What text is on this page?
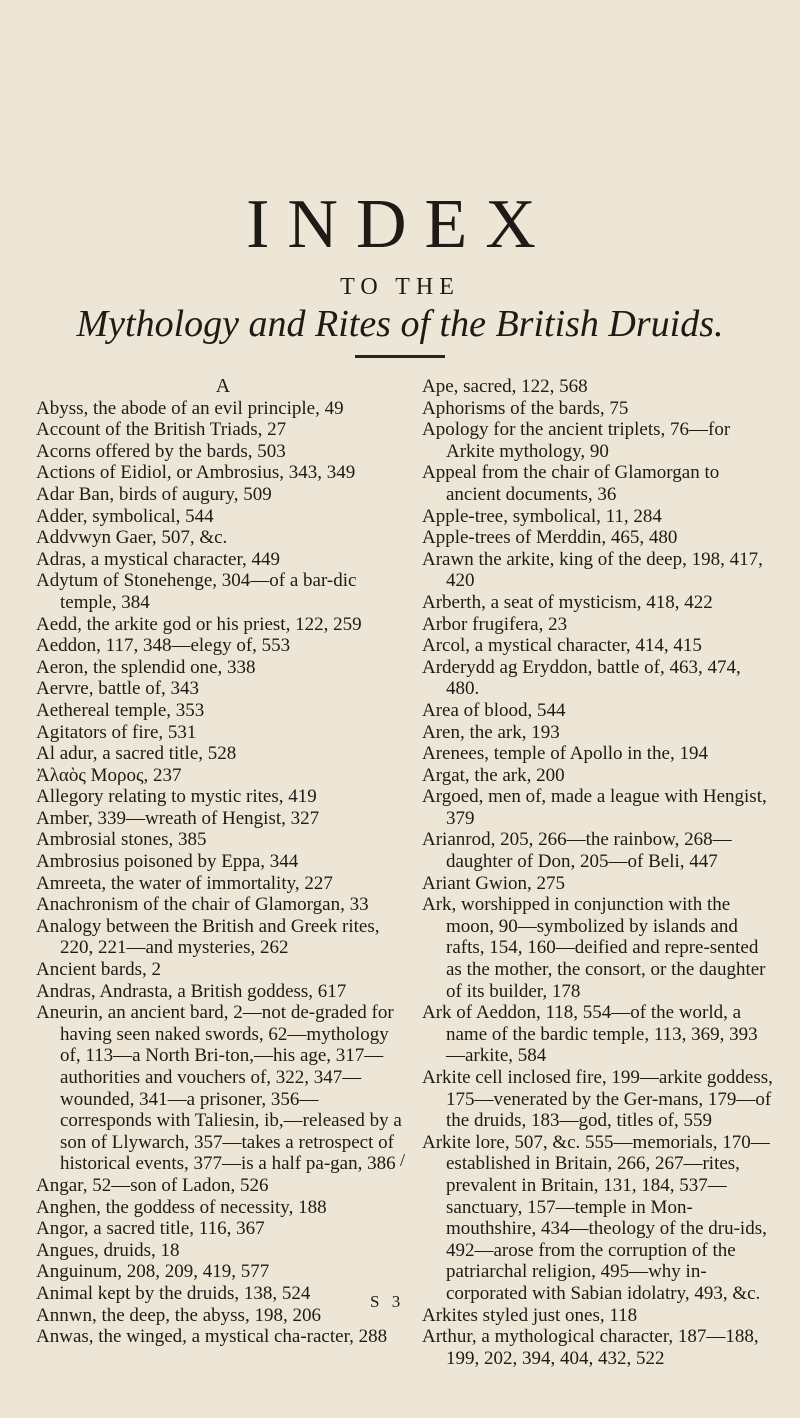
INDEX
TO THE
Mythology and Rites of the British Druids.
A

Abyss, the abode of an evil principle, 49

Account of the British Triads, 27

Acorns offered by the bards, 503

Actions of Eidiol, or Ambrosius, 343, 349

Adar Ban, birds of augury, 509

Adder, symbolical, 544

Addvwyn Gaer, 507, &c.

Adras, a mystical character, 449

Adytum of Stonehenge, 304—of a bar-dic temple, 384

Aedd, the arkite god or his priest, 122, 259

Aeddon, 117, 348—elegy of, 553

Aeron, the splendid one, 338

Aervre, battle of, 343

Aethereal temple, 353

Agitators of fire, 531

Al adur, a sacred title, 528

Ἀλαὸς Μορος, 237

Allegory relating to mystic rites, 419

Amber, 339—wreath of Hengist, 327

Ambrosial stones, 385

Ambrosius poisoned by Eppa, 344

Amreeta, the water of immortality, 227

Anachronism of the chair of Glamorgan, 33

Analogy between the British and Greek rites, 220, 221—and mysteries, 262

Ancient bards, 2

Andras, Andrasta, a British goddess, 617

Aneurin, an ancient bard, 2—not de-graded for having seen naked swords, 62—mythology of, 113—a North Bri-ton,—his age, 317—authorities and vouchers of, 322, 347—wounded, 341—a prisoner, 356—corresponds with Taliesin, ib,—released by a son of Llywarch, 357—takes a retrospect of historical events, 377—is a half pa-gan, 386

Angar, 52—son of Ladon, 526

Anghen, the goddess of necessity, 188

Angor, a sacred title, 116, 367

Angues, druids, 18

Anguinum, 208, 209, 419, 577

Animal kept by the druids, 138, 524

Annwn, the deep, the abyss, 198, 206

Anwas, the winged, a mystical cha-racter, 288

Ape, sacred, 122, 568

Aphorisms of the bards, 75

Apology for the ancient triplets, 76—for Arkite mythology, 90

Appeal from the chair of Glamorgan to ancient documents, 36

Apple-tree, symbolical, 11, 284

Apple-trees of Merddin, 465, 480

Arawn the arkite, king of the deep, 198, 417, 420

Arberth, a seat of mysticism, 418, 422

Arbor frugifera, 23

Arcol, a mystical character, 414, 415

Arderydd ag Eryddon, battle of, 463, 474, 480.

Area of blood, 544

Aren, the ark, 193

Arenees, temple of Apollo in the, 194

Argat, the ark, 200

Argoed, men of, made a league with Hengist, 379

Arianrod, 205, 266—the rainbow, 268—daughter of Don, 205—of Beli, 447

Ariant Gwion, 275

Ark, worshipped in conjunction with the moon, 90—symbolized by islands and rafts, 154, 160—deified and repre-sented as the mother, the consort, or the daughter of its builder, 178

Ark of Aeddon, 118, 554—of the world, a name of the bardic temple, 113, 369, 393—arkite, 584

Arkite cell inclosed fire, 199—arkite goddess, 175—venerated by the Ger-mans, 179—of the druids, 183—god, titles of, 559

Arkite lore, 507, &c. 555—memorials, 170—established in Britain, 266, 267—rites, prevalent in Britain, 131, 184, 537—sanctuary, 157—temple in Mon-mouthshire, 434—theology of the dru-ids, 492—arose from the corruption of the patriarchal religion, 495—why in-corporated with Sabian idolatry, 493, &c.

Arkites styled just ones, 118

Arthur, a mythological character, 187—188, 199, 202, 394, 404, 432, 522

/
S 3
